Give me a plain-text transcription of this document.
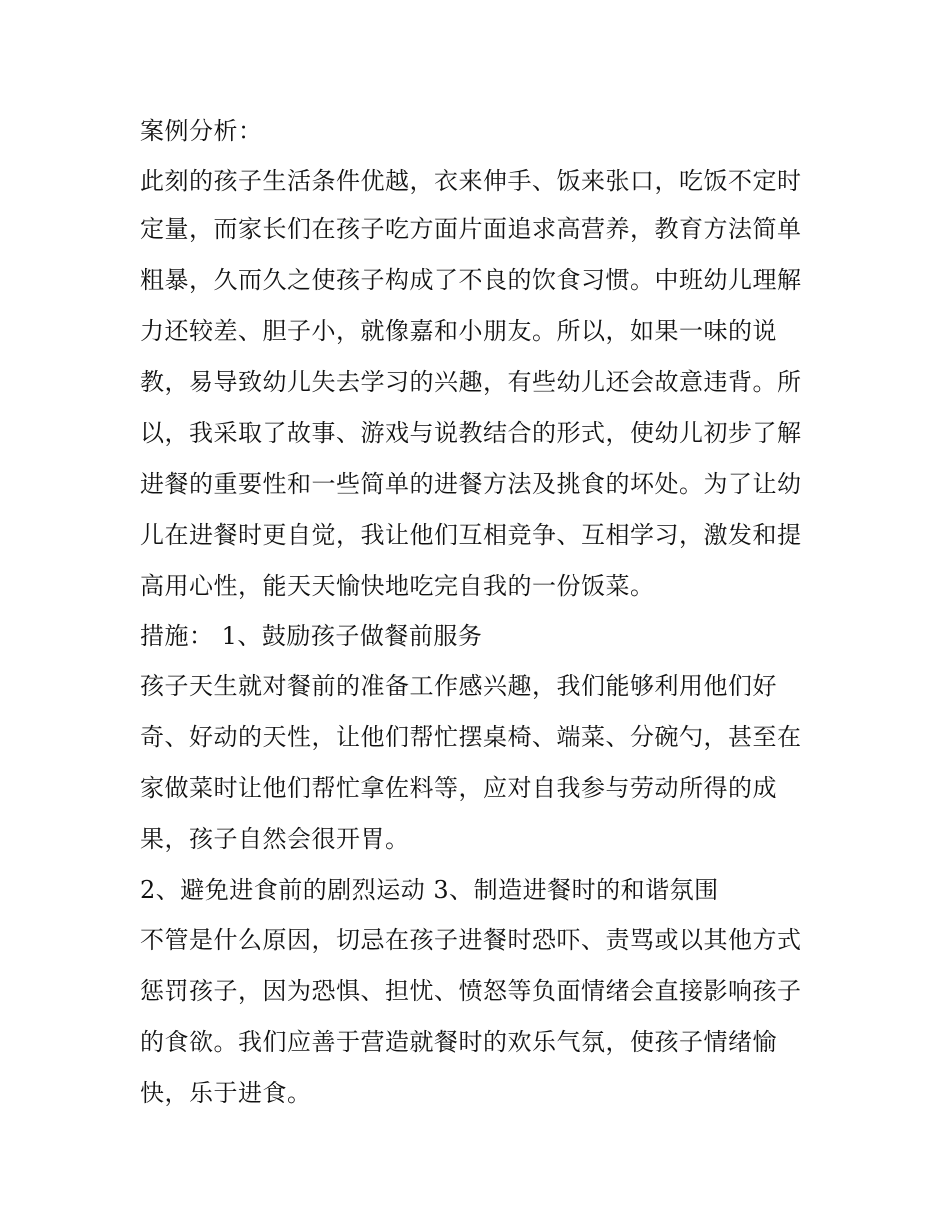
案例分析：
此刻的孩子生活条件优越，衣来伸手、饭来张口，吃饭不定时
定量，而家长们在孩子吃方面片面追求高营养，教育方法简单
粗暴，久而久之使孩子构成了不良的饮食习惯。中班幼儿理解
力还较差、胆子小，就像嘉和小朋友。所以，如果一味的说
教，易导致幼儿失去学习的兴趣，有些幼儿还会故意违背。所
以，我采取了故事、游戏与说教结合的形式，使幼儿初步了解
进餐的重要性和一些简单的进餐方法及挑食的坏处。为了让幼
儿在进餐时更自觉，我让他们互相竞争、互相学习，激发和提
高用心性，能天天愉快地吃完自我的一份饭菜。
措施： 1、鼓励孩子做餐前服务
孩子天生就对餐前的准备工作感兴趣，我们能够利用他们好
奇、好动的天性，让他们帮忙摆桌椅、端菜、分碗勺，甚至在
家做菜时让他们帮忙拿佐料等，应对自我参与劳动所得的成
果，孩子自然会很开胃。
2、避免进食前的剧烈运动 3、制造进餐时的和谐氛围
不管是什么原因，切忌在孩子进餐时恐吓、责骂或以其他方式
惩罚孩子，因为恐惧、担忧、愤怒等负面情绪会直接影响孩子
的食欲。我们应善于营造就餐时的欢乐气氛，使孩子情绪愉
快，乐于进食。
